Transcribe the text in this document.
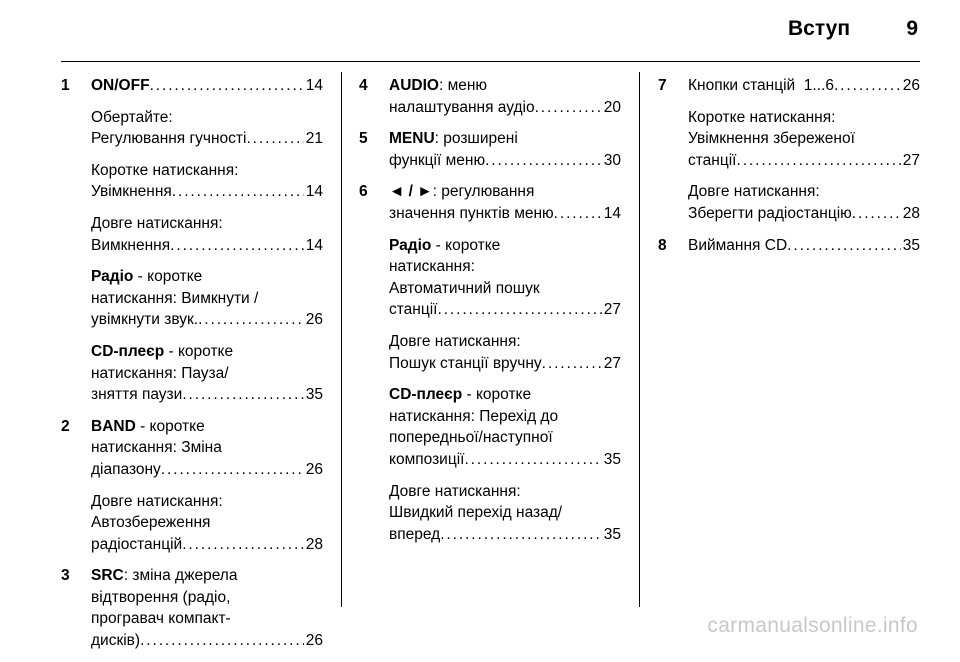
Вступ	9
1 ON/OFF . . .	14
Обертайте:
Регулювання гучності . . .	21
Коротке натискання:
Увімкнення . . .	14
Довге натискання:
Вимкнення . . .	14
Радіо - коротке
натискання: Вимкнути /
увімкнути звук. . . .	26
CD-плеєр - коротке
натискання: Пауза/
зняття паузи . . .	35
2 BAND - коротке
натискання: Зміна
діапазону . . .	26
Довге натискання:
Автозбереження
радіостанцій . . .	28
3 SRC: зміна джерела
відтворення (радіо,
програвач компакт-
дисків) . . .	26
4 AUDIO: меню
налаштування аудіо . . .	20
5 MENU: розширені
функції меню . . .	30
6 ◄ / ►: регулювання
значення пунктів меню . . .	14
Радіо - коротке
натискання:
Автоматичний пошук
станції . . .	27
Довге натискання:
Пошук станції вручну . . .	27
CD-плеєр - коротке
натискання: Перехід до
попередньої/наступної
композиції . . .	35
Довге натискання:
Швидкий перехід назад/
вперед . . .	35
7 Кнопки станцій  1...6 . . .	26
Коротке натискання:
Увімкнення збереженої
станції . . .	27
Довге натискання:
Зберегти радіостанцію . . .	28
8 Виймання CD . . .	35
carmanualsonline.info
